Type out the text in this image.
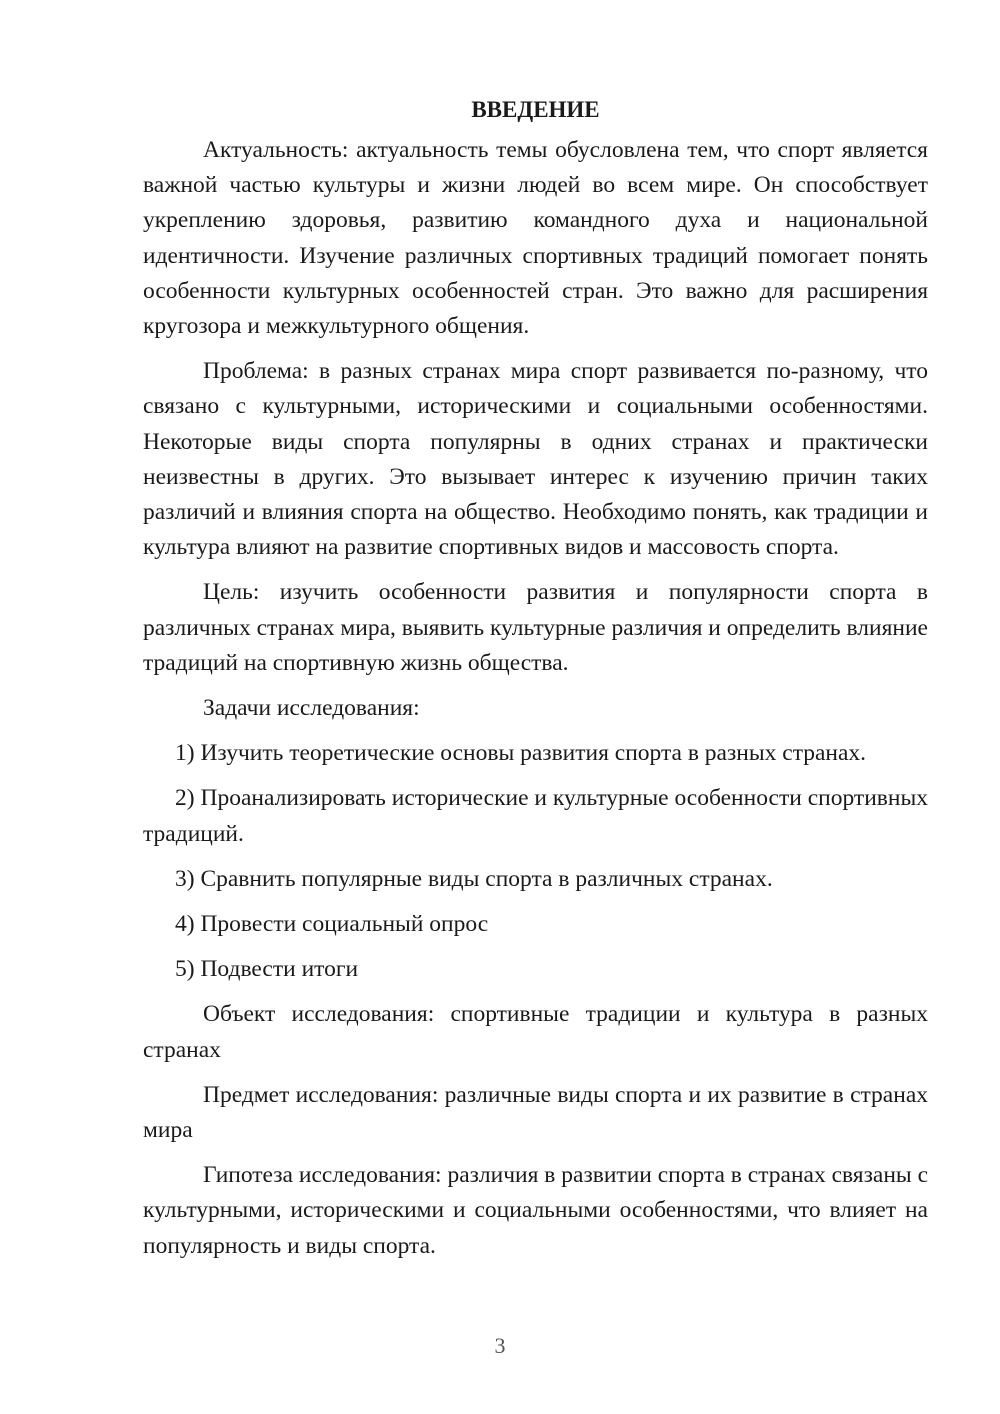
ВВЕДЕНИЕ

Актуальность: актуальность темы обусловлена тем, что спорт является важной частью культуры и жизни людей во всем мире. Он способствует укреплению здоровья, развитию командного духа и национальной идентичности. Изучение различных спортивных традиций помогает понять особенности культурных особенностей стран. Это важно для расширения кругозора и межкультурного общения.

Проблема: в разных странах мира спорт развивается по-разному, что связано с культурными, историческими и социальными особенностями. Некоторые виды спорта популярны в одних странах и практически неизвестны в других. Это вызывает интерес к изучению причин таких различий и влияния спорта на общество. Необходимо понять, как традиции и культура влияют на развитие спортивных видов и массовость спорта.

Цель: изучить особенности развития и популярности спорта в различных странах мира, выявить культурные различия и определить влияние традиций на спортивную жизнь общества.

Задачи исследования:

1) Изучить теоретические основы развития спорта в разных странах.

2) Проанализировать исторические и культурные особенности спортивных традиций.

3) Сравнить популярные виды спорта в различных странах.

4) Провести социальный опрос

5) Подвести итоги

Объект исследования: спортивные традиции и культура в разных странах

Предмет исследования: различные виды спорта и их развитие в странах мира

Гипотеза исследования: различия в развитии спорта в странах связаны с культурными, историческими и социальными особенностями, что влияет на популярность и виды спорта.

3
